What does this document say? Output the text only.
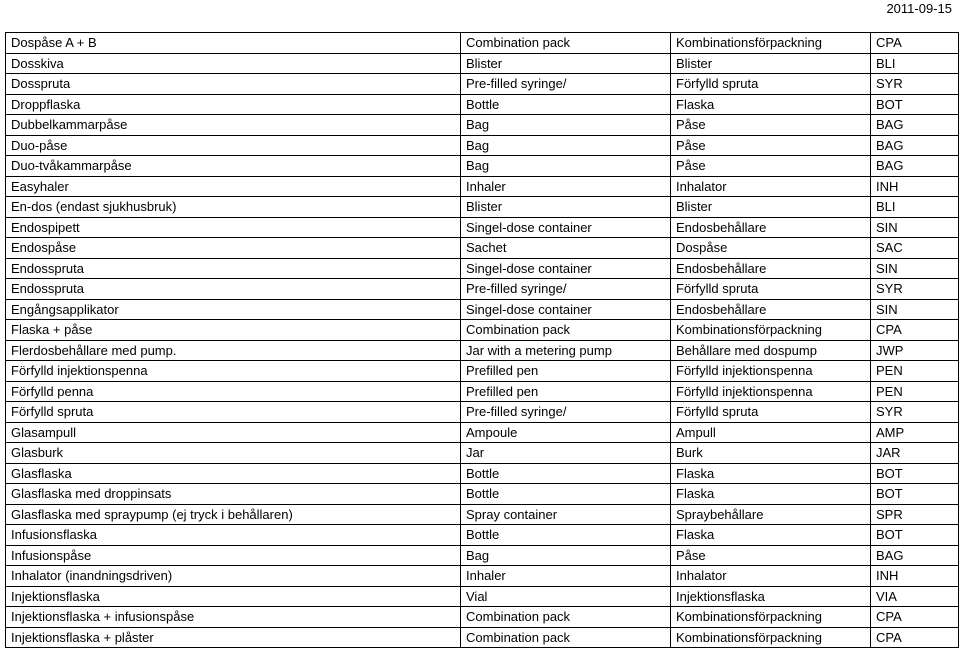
2011-09-15
Dospåse A + B	Combination pack	Kombinationsförpackning	CPA
Dosskiva	Blister	Blister	BLI
Dosspruta	Pre-filled syringe/	Förfylld spruta	SYR
Droppflaska	Bottle	Flaska	BOT
Dubbelkammarpåse	Bag	Påse	BAG
Duo-påse	Bag	Påse	BAG
Duo-tvåkammarpåse	Bag	Påse	BAG
Easyhaler	Inhaler	Inhalator	INH
En-dos (endast sjukhusbruk)	Blister	Blister	BLI
Endospipett	Singel-dose container	Endosbehållare	SIN
Endospåse	Sachet	Dospåse	SAC
Endosspruta	Singel-dose container	Endosbehållare	SIN
Endosspruta	Pre-filled syringe/	Förfylld spruta	SYR
Engångsapplikator	Singel-dose container	Endosbehållare	SIN
Flaska + påse	Combination pack	Kombinationsförpackning	CPA
Flerdosbehållare med pump.	Jar with a metering pump	Behållare med dospump	JWP
Förfylld injektionspenna	Prefilled pen	Förfylld injektionspenna	PEN
Förfylld penna	Prefilled pen	Förfylld injektionspenna	PEN
Förfylld spruta	Pre-filled syringe/	Förfylld spruta	SYR
Glasampull	Ampoule	Ampull	AMP
Glasburk	Jar	Burk	JAR
Glasflaska	Bottle	Flaska	BOT
Glasflaska med droppinsats	Bottle	Flaska	BOT
Glasflaska med spraypump (ej tryck i behållaren)	Spray container	Spraybehållare	SPR
Infusionsflaska	Bottle	Flaska	BOT
Infusionspåse	Bag	Påse	BAG
Inhalator (inandningsdriven)	Inhaler	Inhalator	INH
Injektionsflaska	Vial	Injektionsflaska	VIA
Injektionsflaska + infusionspåse	Combination pack	Kombinationsförpackning	CPA
Injektionsflaska + plåster	Combination pack	Kombinationsförpackning	CPA
